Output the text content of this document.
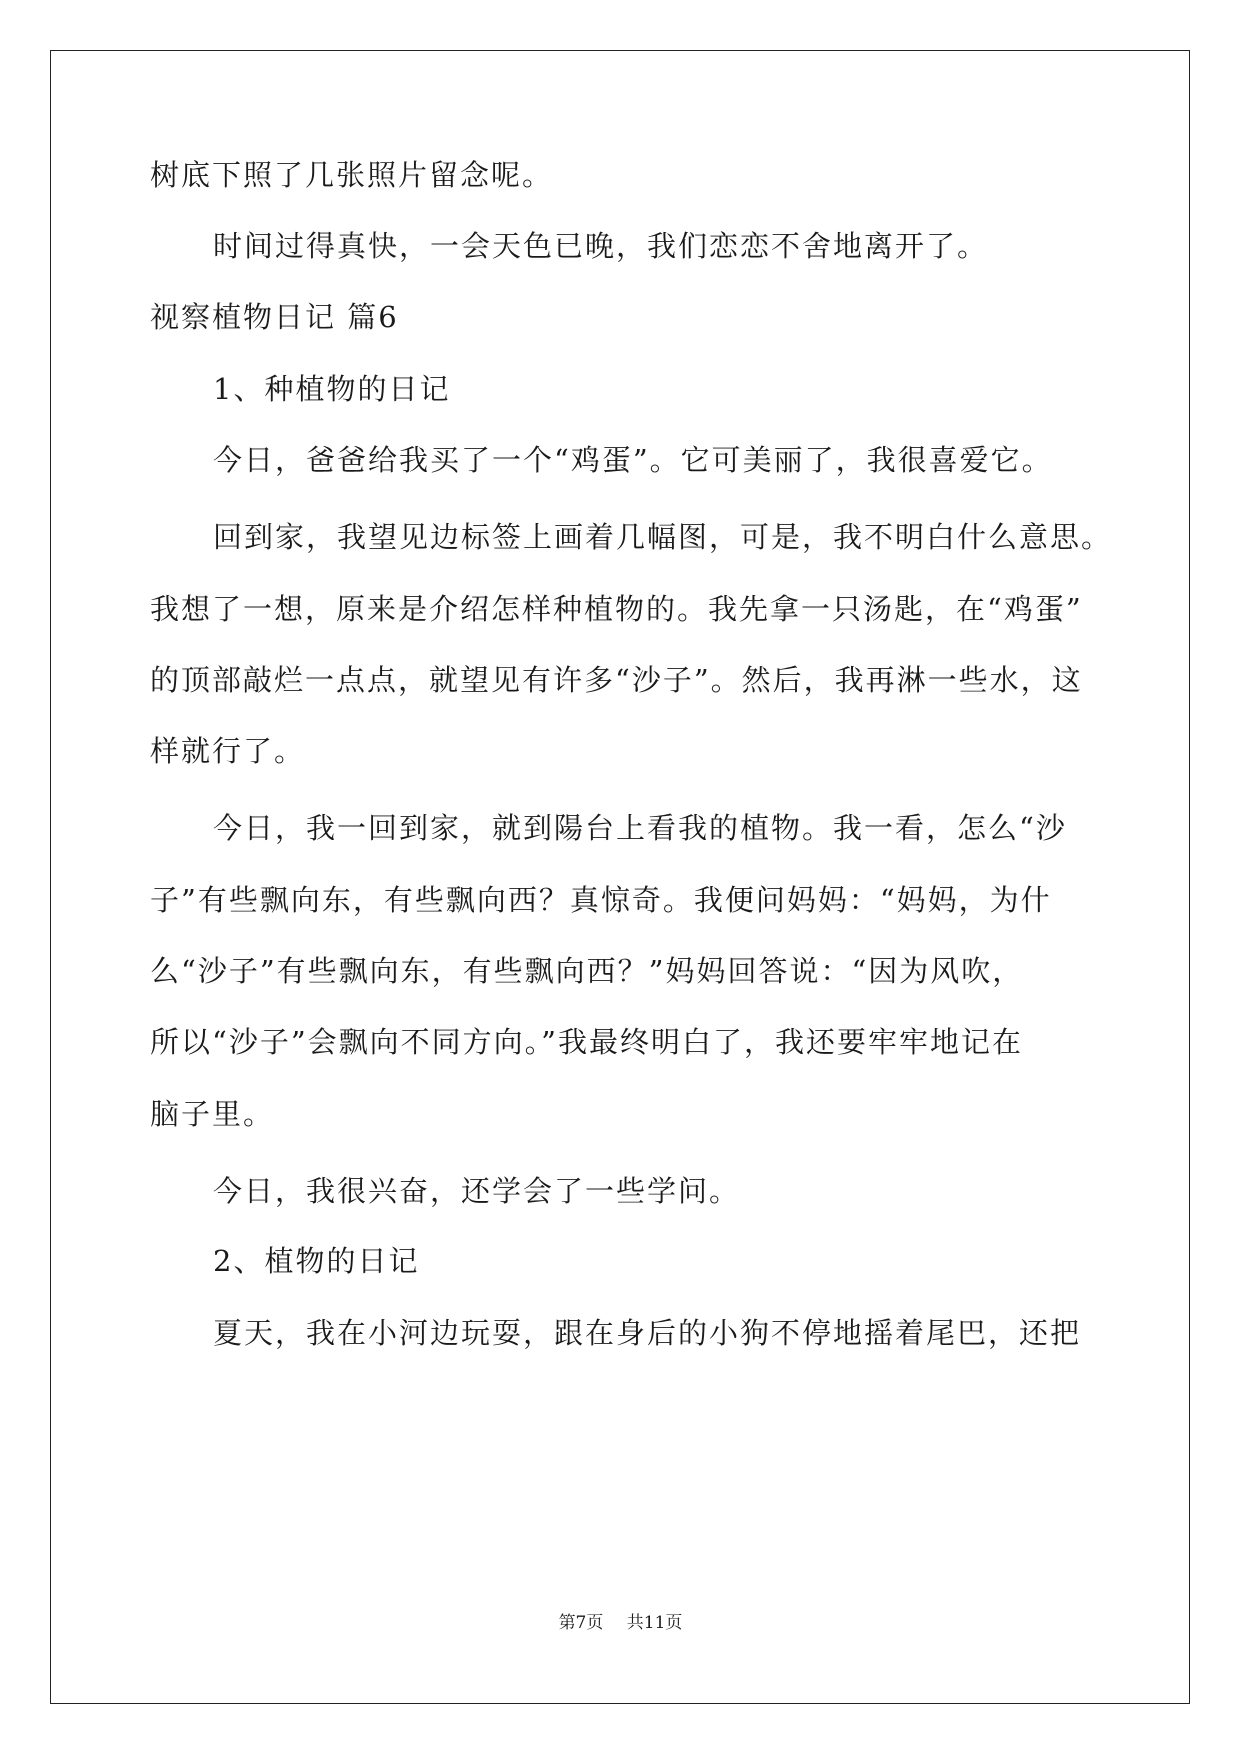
树底下照了几张照片留念呢。
时间过得真快，一会天色已晚，我们恋恋不舍地离开了。
视察植物日记 篇6
1、种植物的日记
今日，爸爸给我买了一个“鸡蛋”。它可美丽了，我很喜爱它。
回到家，我望见边标签上画着几幅图，可是，我不明白什么意思。
我想了一想，原来是介绍怎样种植物的。我先拿一只汤匙，在“鸡蛋”
的顶部敲烂一点点，就望见有许多“沙子”。然后，我再淋一些水，这
样就行了。
今日，我一回到家，就到陽台上看我的植物。我一看，怎么“沙
子”有些飘向东，有些飘向西？真惊奇。我便问妈妈：“妈妈，为什
么“沙子”有些飘向东，有些飘向西？”妈妈回答说：“因为风吹，
所以“沙子”会飘向不同方向。”我最终明白了，我还要牢牢地记在
脑子里。
今日，我很兴奋，还学会了一些学问。
2、植物的日记
夏天，我在小河边玩耍，跟在身后的小狗不停地摇着尾巴，还把
第7页 共11页
